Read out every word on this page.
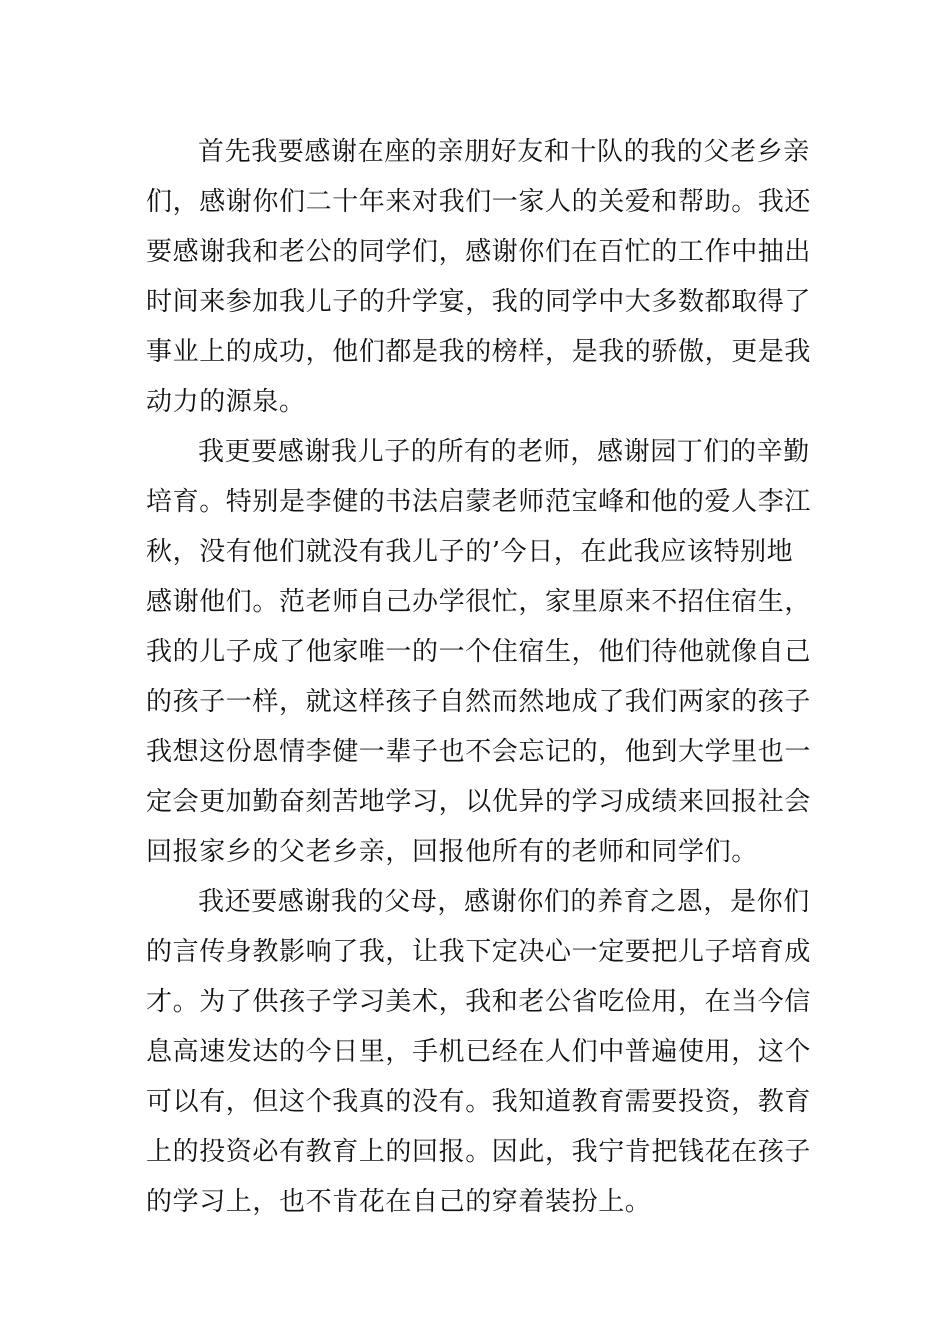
首先我要感谢在座的亲朋好友和十队的我的父老乡亲
们，感谢你们二十年来对我们一家人的关爱和帮助。我还
要感谢我和老公的同学们，感谢你们在百忙的工作中抽出
时间来参加我儿子的升学宴，我的同学中大多数都取得了
事业上的成功，他们都是我的榜样，是我的骄傲，更是我
动力的源泉。
我更要感谢我儿子的所有的老师，感谢园丁们的辛勤
培育。特别是李健的书法启蒙老师范宝峰和他的爱人李江
秋，没有他们就没有我儿子的’今日，在此我应该特别地
感谢他们。范老师自己办学很忙，家里原来不招住宿生，
我的儿子成了他家唯一的一个住宿生，他们待他就像自己
的孩子一样，就这样孩子自然而然地成了我们两家的孩子
我想这份恩情李健一辈子也不会忘记的，他到大学里也一
定会更加勤奋刻苦地学习，以优异的学习成绩来回报社会
回报家乡的父老乡亲，回报他所有的老师和同学们。
我还要感谢我的父母，感谢你们的养育之恩，是你们
的言传身教影响了我，让我下定决心一定要把儿子培育成
才。为了供孩子学习美术，我和老公省吃俭用，在当今信
息高速发达的今日里，手机已经在人们中普遍使用，这个
可以有，但这个我真的没有。我知道教育需要投资，教育
上的投资必有教育上的回报。因此，我宁肯把钱花在孩子
的学习上，也不肯花在自己的穿着装扮上。
